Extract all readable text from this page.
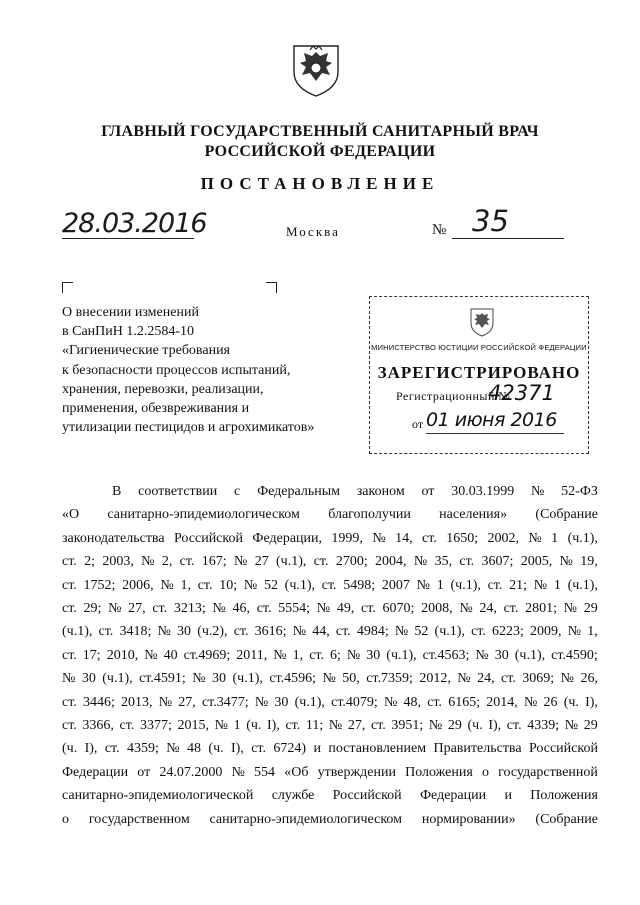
ГЛАВНЫЙ ГОСУДАРСТВЕННЫЙ САНИТАРНЫЙ ВРАЧ
РОССИЙСКОЙ ФЕДЕРАЦИИ
ПОСТАНОВЛЕНИЕ
28.03.2016	Москва	№ 35
О внесении изменений
в СанПиН 1.2.2584-10
«Гигиенические требования
к безопасности процессов испытаний,
хранения, перевозки, реализации,
применения, обезвреживания и
утилизации пестицидов и агрохимикатов»
МИНИСТЕРСТВО ЮСТИЦИИ РОССИЙСКОЙ ФЕДЕРАЦИИ
ЗАРЕГИСТРИРОВАНО
Регистрационный №
42371
от 01 июня 2016
В соответствии с Федеральным законом от 30.03.1999 № 52-ФЗ
«О санитарно-эпидемиологическом благополучии населения» (Собрание
законодательства Российской Федерации, 1999, № 14, ст. 1650; 2002, № 1 (ч.1),
ст. 2; 2003, № 2, ст. 167; № 27 (ч.1), ст. 2700; 2004, № 35, ст. 3607; 2005, № 19,
ст. 1752; 2006, № 1, ст. 10; № 52 (ч.1), ст. 5498; 2007 № 1 (ч.1), ст. 21; № 1 (ч.1),
ст. 29; № 27, ст. 3213; № 46, ст. 5554; № 49, ст. 6070; 2008, № 24, ст. 2801; № 29
(ч.1), ст. 3418; № 30 (ч.2), ст. 3616; № 44, ст. 4984; № 52 (ч.1), ст. 6223; 2009, № 1,
ст. 17; 2010, № 40 ст.4969; 2011, № 1, ст. 6; № 30 (ч.1), ст.4563; № 30 (ч.1), ст.4590;
№ 30 (ч.1), ст.4591; № 30 (ч.1), ст.4596; № 50, ст.7359; 2012, № 24, ст. 3069; № 26,
ст. 3446; 2013, № 27, ст.3477; № 30 (ч.1), ст.4079; № 48, ст. 6165; 2014, № 26 (ч. I),
ст. 3366, ст. 3377; 2015, № 1 (ч. I), ст. 11; № 27, ст. 3951; № 29 (ч. I), ст. 4339; № 29
(ч. I), ст. 4359; № 48 (ч. I), ст. 6724) и постановлением Правительства Российской
Федерации от 24.07.2000 № 554 «Об утверждении Положения о государственной
санитарно-эпидемиологической службе Российской Федерации и Положения
о государственном санитарно-эпидемиологическом нормировании» (Собрание
